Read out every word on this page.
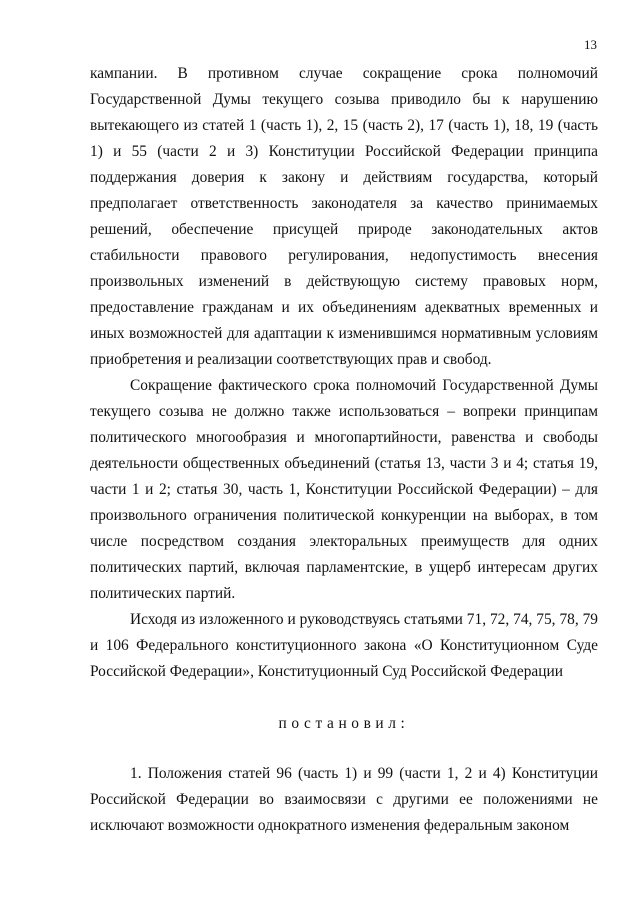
13

кампании. В противном случае сокращение срока полномочий Государственной Думы текущего созыва приводило бы к нарушению вытекающего из статей 1 (часть 1), 2, 15 (часть 2), 17 (часть 1), 18, 19 (часть 1) и 55 (части 2 и 3) Конституции Российской Федерации принципа поддержания доверия к закону и действиям государства, который предполагает ответственность законодателя за качество принимаемых решений, обеспечение присущей природе законодательных актов стабильности правового регулирования, недопустимость внесения произвольных изменений в действующую систему правовых норм, предоставление гражданам и их объединениям адекватных временных и иных возможностей для адаптации к изменившимся нормативным условиям приобретения и реализации соответствующих прав и свобод.

Сокращение фактического срока полномочий Государственной Думы текущего созыва не должно также использоваться – вопреки принципам политического многообразия и многопартийности, равенства и свободы деятельности общественных объединений (статья 13, части 3 и 4; статья 19, части 1 и 2; статья 30, часть 1, Конституции Российской Федерации) – для произвольного ограничения политической конкуренции на выборах, в том числе посредством создания электоральных преимуществ для одних политических партий, включая парламентские, в ущерб интересам других политических партий.

Исходя из изложенного и руководствуясь статьями 71, 72, 74, 75, 78, 79 и 106 Федерального конституционного закона «О Конституционном Суде Российской Федерации», Конституционный Суд Российской Федерации

постановил:

1. Положения статей 96 (часть 1) и 99 (части 1, 2 и 4) Конституции Российской Федерации во взаимосвязи с другими ее положениями не исключают возможности однократного изменения федеральным законом
